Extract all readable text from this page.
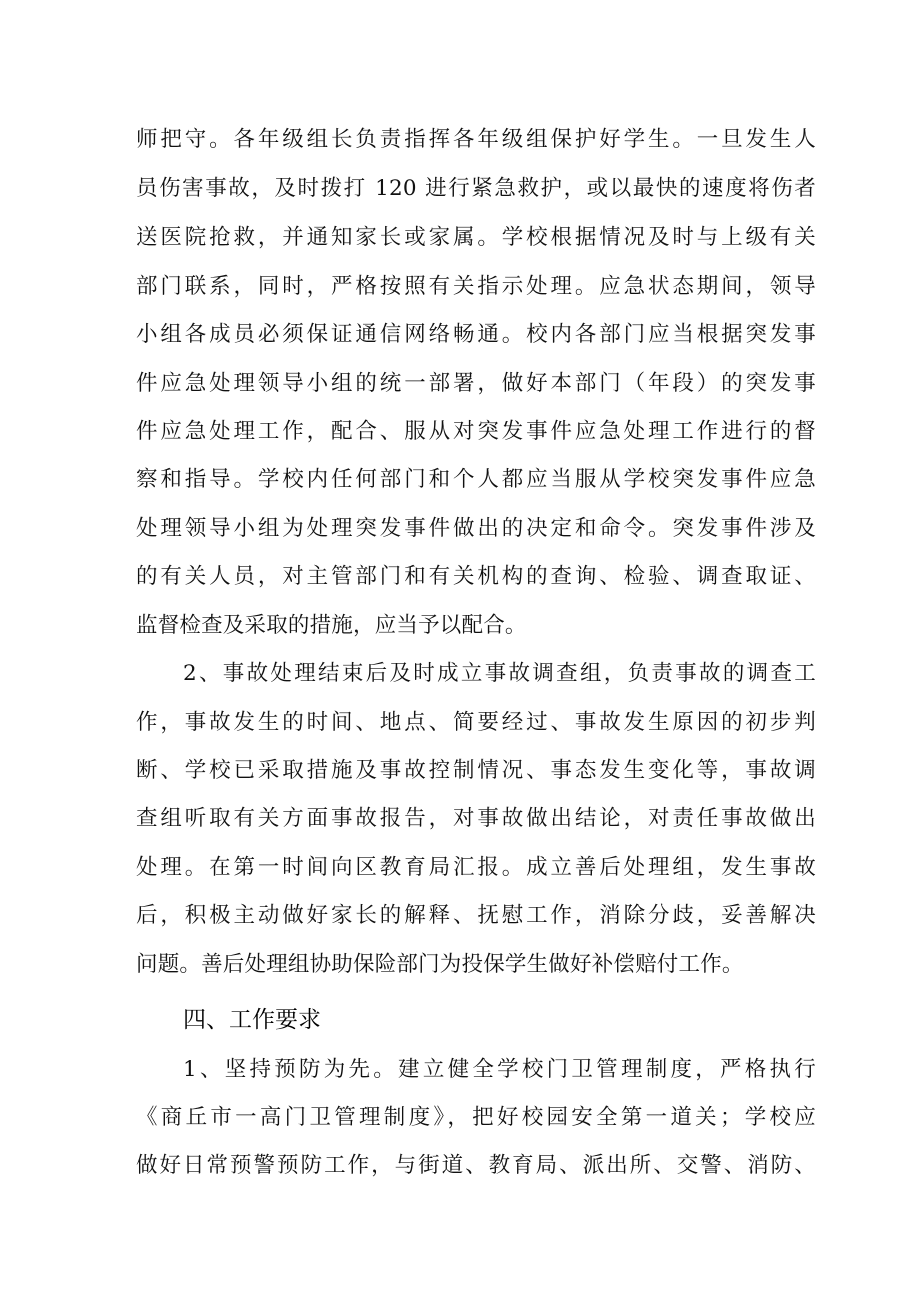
师把守。各年级组长负责指挥各年级组保护好学生。一旦发生人
员伤害事故，及时拨打 120 进行紧急救护，或以最快的速度将伤者
送医院抢救，并通知家长或家属。学校根据情况及时与上级有关
部门联系，同时，严格按照有关指示处理。应急状态期间，领导
小组各成员必须保证通信网络畅通。校内各部门应当根据突发事
件应急处理领导小组的统一部署，做好本部门（年段）的突发事
件应急处理工作，配合、服从对突发事件应急处理工作进行的督
察和指导。学校内任何部门和个人都应当服从学校突发事件应急
处理领导小组为处理突发事件做出的决定和命令。突发事件涉及
的有关人员，对主管部门和有关机构的查询、检验、调查取证、
监督检查及采取的措施，应当予以配合。
2、事故处理结束后及时成立事故调查组，负责事故的调查工
作，事故发生的时间、地点、简要经过、事故发生原因的初步判
断、学校已采取措施及事故控制情况、事态发生变化等，事故调
查组听取有关方面事故报告，对事故做出结论，对责任事故做出
处理。在第一时间向区教育局汇报。成立善后处理组，发生事故
后，积极主动做好家长的解释、抚慰工作，消除分歧，妥善解决
问题。善后处理组协助保险部门为投保学生做好补偿赔付工作。
四、工作要求
1、坚持预防为先。建立健全学校门卫管理制度，严格执行
《商丘市一高门卫管理制度》，把好校园安全第一道关；学校应
做好日常预警预防工作，与街道、教育局、派出所、交警、消防、
